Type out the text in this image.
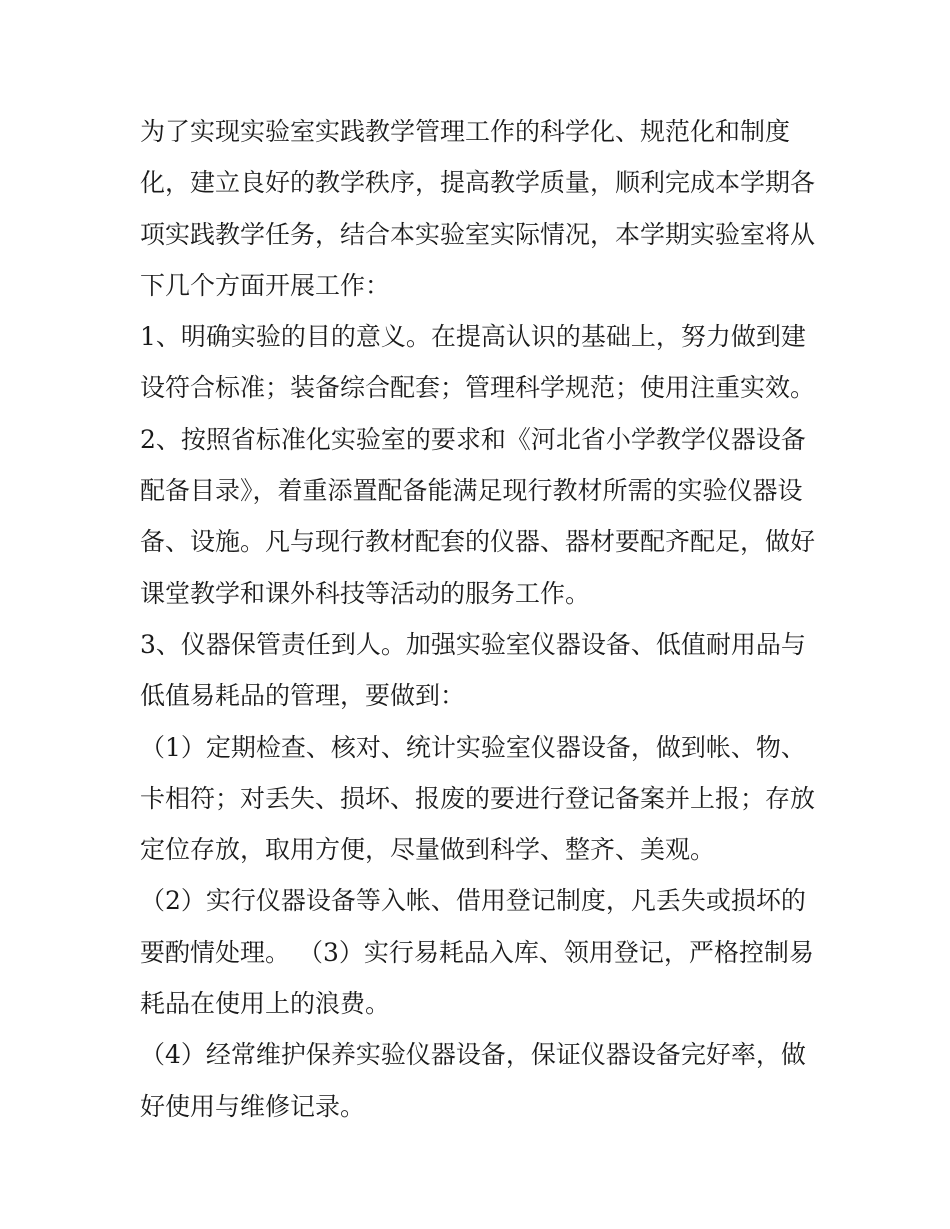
为了实现实验室实践教学管理工作的科学化、规范化和制度
化，建立良好的教学秩序，提高教学质量，顺利完成本学期各
项实践教学任务，结合本实验室实际情况，本学期实验室将从
下几个方面开展工作：
1、明确实验的目的意义。在提高认识的基础上，努力做到建
设符合标准；装备综合配套；管理科学规范；使用注重实效。
2、按照省标准化实验室的要求和《河北省小学教学仪器设备
配备目录》，着重添置配备能满足现行教材所需的实验仪器设
备、设施。凡与现行教材配套的仪器、器材要配齐配足，做好
课堂教学和课外科技等活动的服务工作。
3、仪器保管责任到人。加强实验室仪器设备、低值耐用品与
低值易耗品的管理，要做到：
（1）定期检查、核对、统计实验室仪器设备，做到帐、物、
卡相符；对丢失、损坏、报废的要进行登记备案并上报；存放
定位存放，取用方便，尽量做到科学、整齐、美观。
（2）实行仪器设备等入帐、借用登记制度，凡丢失或损坏的
要酌情处理。 （3）实行易耗品入库、领用登记，严格控制易
耗品在使用上的浪费。
（4）经常维护保养实验仪器设备，保证仪器设备完好率，做
好使用与维修记录。
